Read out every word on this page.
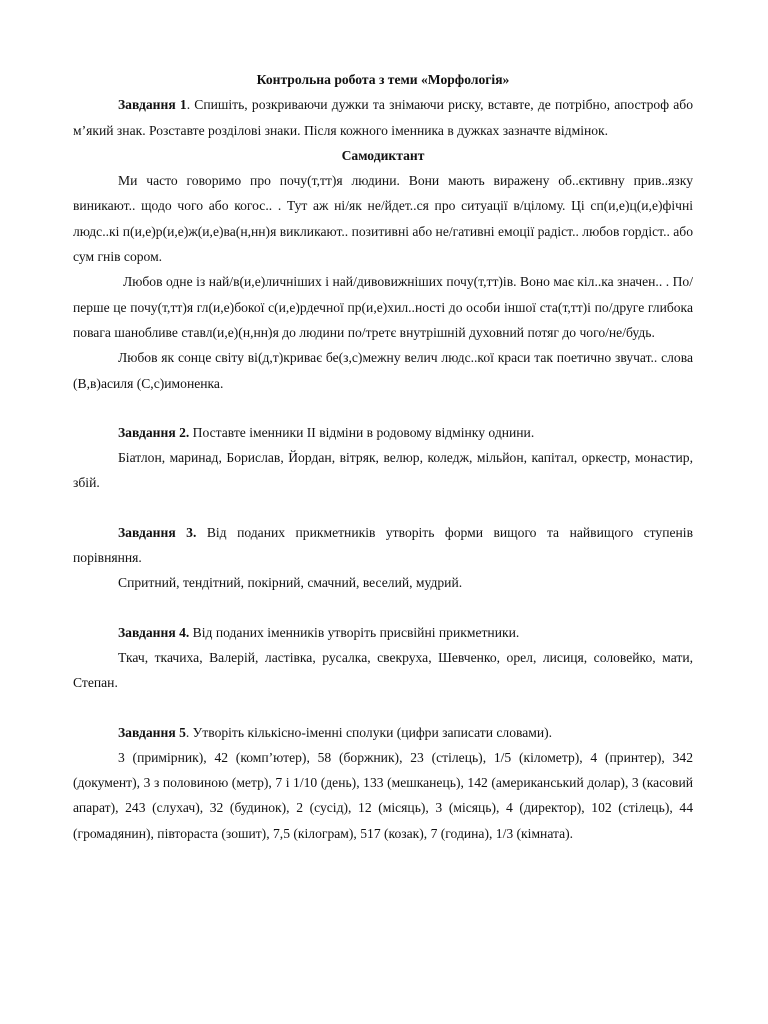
Контрольна робота з теми «Морфологія»

Завдання 1. Спишіть, розкриваючи дужки та знімаючи риску, вставте, де потрібно, апостроф або м’який знак. Розставте розділові знаки. Після кожного іменника в дужках зазначте відмінок.

Самодиктант

Ми часто говоримо про почу(т,тт)я людини. Вони мають виражену об..єктивну прив..язку виникают.. щодо чого або когос.. . Тут аж ні/як не/йдет..ся про ситуації в/цілому. Ці сп(и,е)ц(и,е)фічні людс..кі п(и,е)р(и,е)ж(и,е)ва(н,нн)я викликают.. позитивні або не/гативні емоції радіст.. любов гордіст.. або сум гнів сором.

Любов одне із най/в(и,е)личніших і най/дивовижніших почу(т,тт)ів. Воно має кіл..ка значен.. . По/перше це почу(т,тт)я гл(и,е)бокої с(и,е)рдечної пр(и,е)хил..ності до особи іншої ста(т,тт)і по/друге глибока повага шанобливе ставл(и,е)(н,нн)я до людини по/третє внутрішній духовний потяг до чого/не/будь.

Любов як сонце світу ві(д,т)криває бе(з,с)межну велич людс..кої краси так поетично звучат.. слова (В,в)асиля (С,с)имоненка.

Завдання 2. Поставте іменники ІІ відміни в родовому відмінку однини.

Біатлон, маринад, Борислав, Йордан, вітряк, велюр, коледж, мільйон, капітал, оркестр, монастир, збій.

Завдання 3. Від поданих прикметників утворіть форми вищого та найвищого ступенів порівняння.

Спритний, тендітний, покірний, смачний, веселий, мудрий.

Завдання 4. Від поданих іменників утворіть присвійні прикметники.

Ткач, ткачиха, Валерій, ластівка, русалка, свекруха, Шевченко, орел, лисиця, соловейко, мати, Степан.

Завдання 5. Утворіть кількісно-іменні сполуки (цифри записати словами).

3 (примірник), 42 (комп’ютер), 58 (боржник), 23 (стілець), 1/5 (кілометр), 4 (принтер), 342 (документ), 3 з половиною (метр), 7 і 1/10 (день), 133 (мешканець), 142 (американський долар), 3 (касовий апарат), 243 (слухач), 32 (будинок), 2 (сусід), 12 (місяць), 3 (місяць), 4 (директор), 102 (стілець), 44 (громадянин), півтораста (зошит), 7,5 (кілограм), 517 (козак), 7 (година), 1/3 (кімната).
